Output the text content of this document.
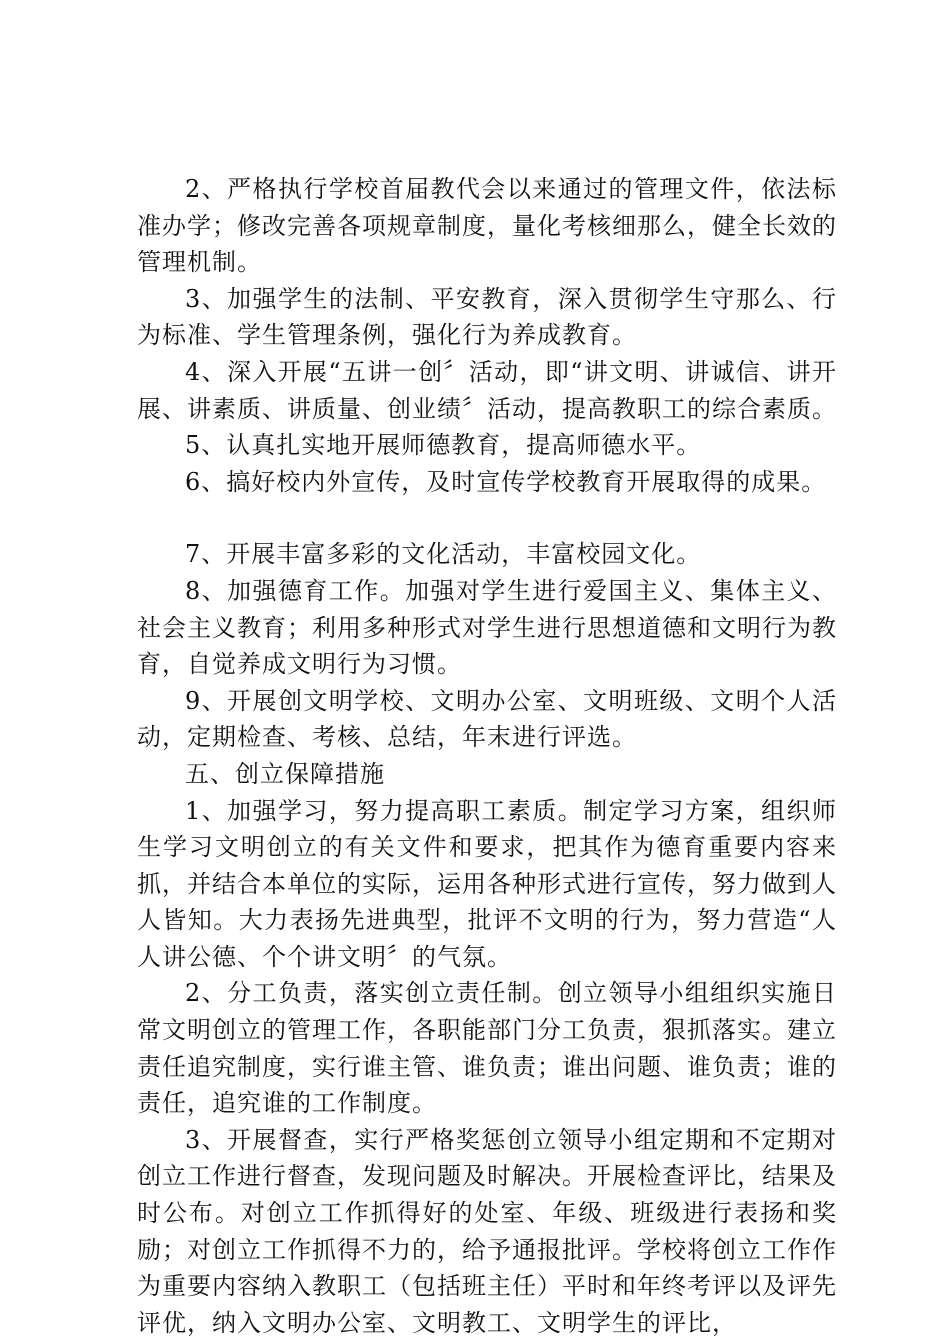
2、严格执行学校首届教代会以来通过的管理文件，依法标准办学；修改完善各项规章制度，量化考核细那么，健全长效的管理机制。

3、加强学生的法制、平安教育，深入贯彻学生守那么、行为标准、学生管理条例，强化行为养成教育。

4、深入开展“五讲一创〞活动，即“讲文明、讲诚信、讲开展、讲素质、讲质量、创业绩〞活动，提高教职工的综合素质。

5、认真扎实地开展师德教育，提高师德水平。

6、搞好校内外宣传，及时宣传学校教育开展取得的成果。

7、开展丰富多彩的文化活动，丰富校园文化。

8、加强德育工作。加强对学生进行爱国主义、集体主义、社会主义教育；利用多种形式对学生进行思想道德和文明行为教育，自觉养成文明行为习惯。

9、开展创文明学校、文明办公室、文明班级、文明个人活动，定期检查、考核、总结，年末进行评选。

五、创立保障措施

1、加强学习，努力提高职工素质。制定学习方案，组织师生学习文明创立的有关文件和要求，把其作为德育重要内容来抓，并结合本单位的实际，运用各种形式进行宣传，努力做到人人皆知。大力表扬先进典型，批评不文明的行为，努力营造“人人讲公德、个个讲文明〞的气氛。

2、分工负责，落实创立责任制。创立领导小组组织实施日常文明创立的管理工作，各职能部门分工负责，狠抓落实。建立责任追究制度，实行谁主管、谁负责；谁出问题、谁负责；谁的责任，追究谁的工作制度。

3、开展督查，实行严格奖惩创立领导小组定期和不定期对创立工作进行督查，发现问题及时解决。开展检查评比，结果及时公布。对创立工作抓得好的处室、年级、班级进行表扬和奖励；对创立工作抓得不力的，给予通报批评。学校将创立工作作为重要内容纳入教职工（包括班主任）平时和年终考评以及评先评优，纳入文明办公室、文明教工、文明学生的评比，
